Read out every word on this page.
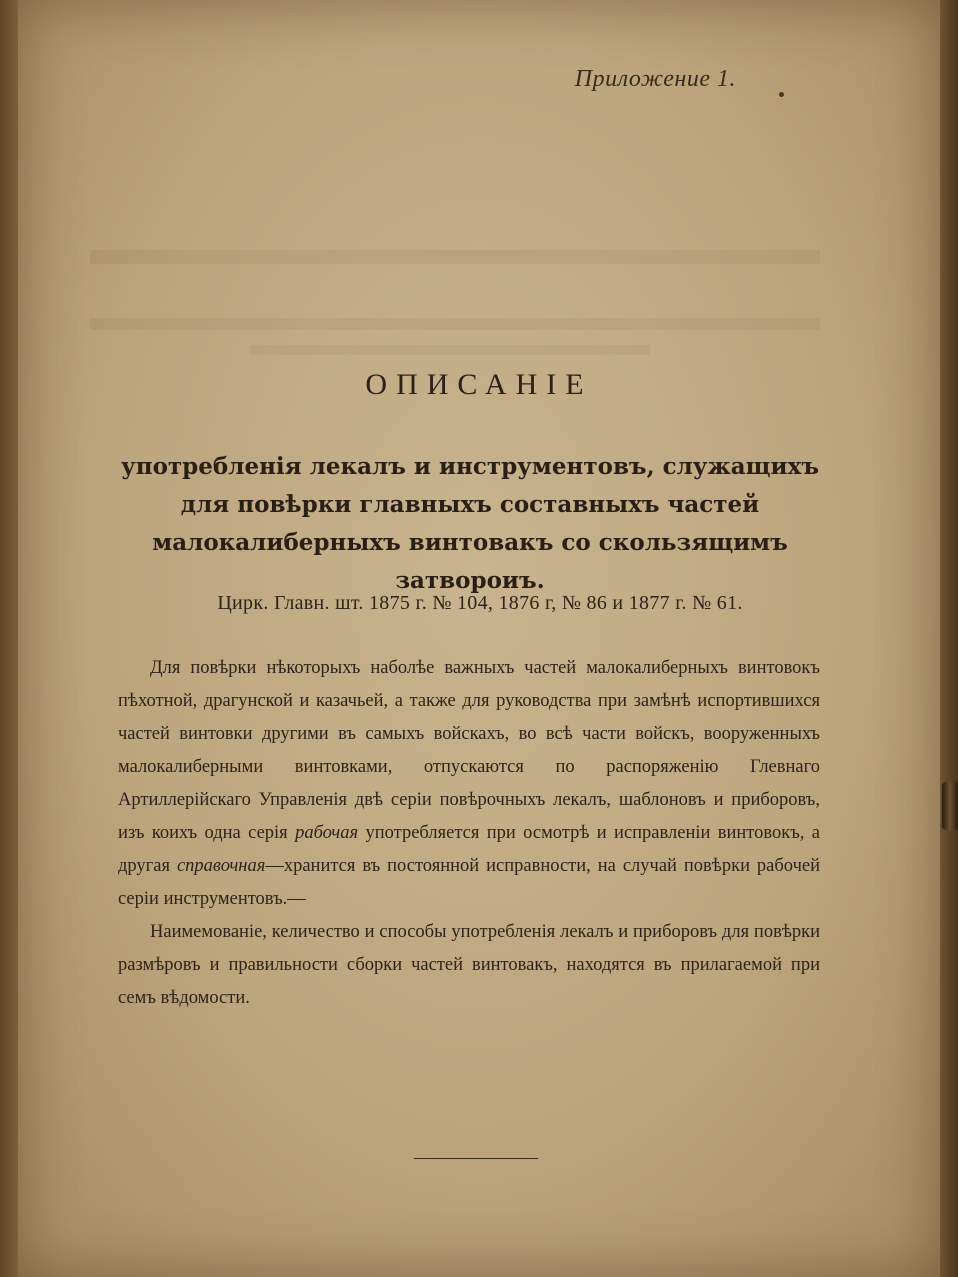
Приложение 1.
ОПИСАНІЕ
употребленія лекалъ и инструментовъ, служащихъ для повѣрки главныхъ составныхъ частей малокалиберныхъ винтовакъ со скользящимъ затвороиъ.
Цирк. Главн. шт. 1875 г. № 104, 1876 г, № 86 и 1877 г. № 61.

Для повѣрки нѣкоторыхъ наболѣе важныхъ частей малокалиберныхъ винтовокъ пѣхотной, драгунской и казачьей, а также для руководства при замѣнѣ испортившихся частей винтовки другими въ самыхъ войскахъ, во всѣ части войскъ, вооруженныхъ малокалиберными винтовками, отпускаются по распоряженію Глевнаго Артиллерійскаго Управленія двѣ серіи повѣрочныхъ лекалъ, шаблоновъ и приборовъ, изъ коихъ одна серія рабочая употребляется при осмотрѣ и исправленіи винтовокъ, а другая справочная—хранится въ постоянной исправности, на случай повѣрки рабочей серіи инструментовъ.—

Наимемованіе, келичество и способы употребленія лекалъ и приборовъ для повѣрки размѣровъ и правильности сборки частей винтовакъ, находятся въ прилагаемой при семъ вѣдомости.
